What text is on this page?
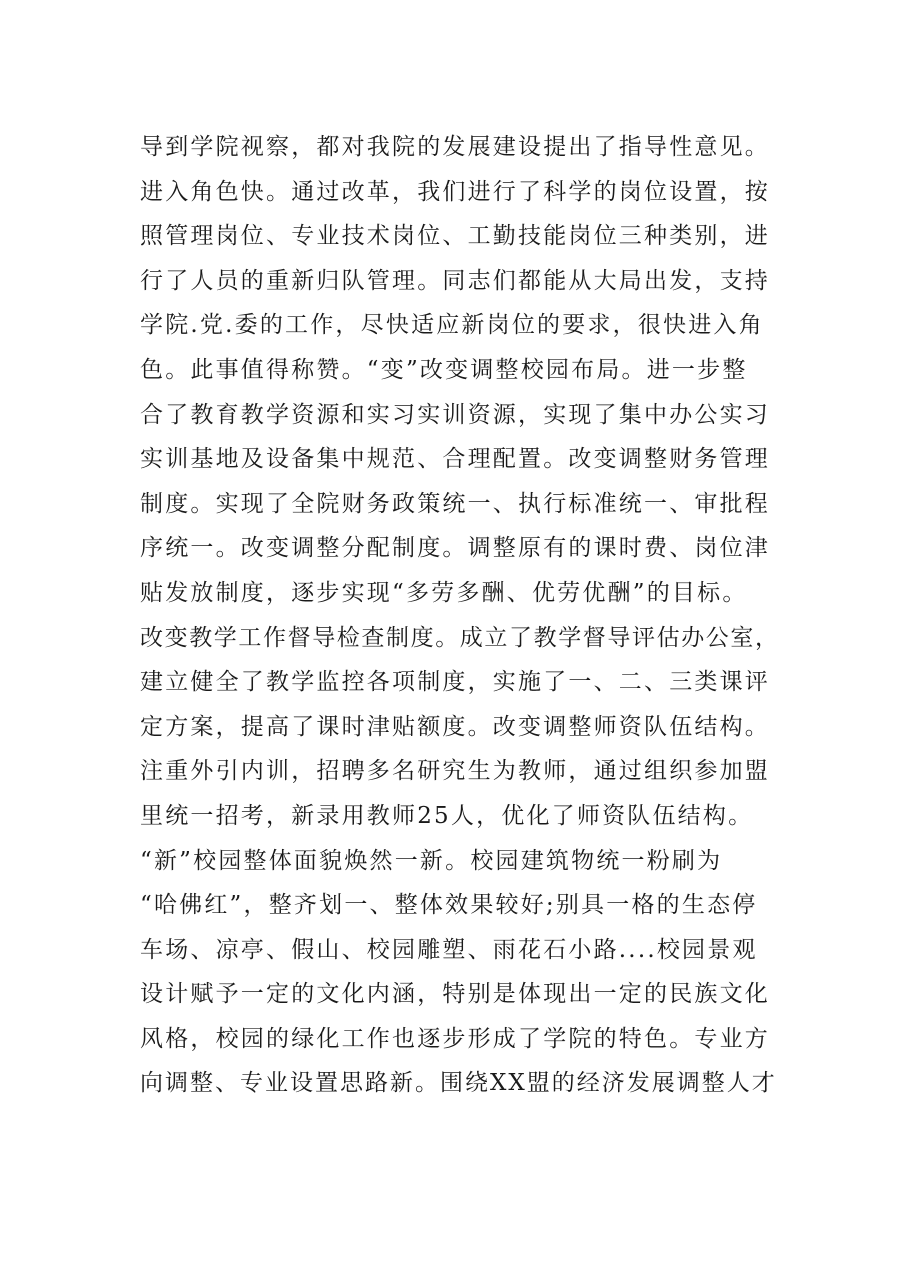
导到学院视察，都对我院的发展建设提出了指导性意见。
进入角色快。通过改革，我们进行了科学的岗位设置，按
照管理岗位、专业技术岗位、工勤技能岗位三种类别，进
行了人员的重新归队管理。同志们都能从大局出发，支持
学院.党.委的工作，尽快适应新岗位的要求，很快进入角
色。此事值得称赞。“变”改变调整校园布局。进一步整
合了教育教学资源和实习实训资源，实现了集中办公实习
实训基地及设备集中规范、合理配置。改变调整财务管理
制度。实现了全院财务政策统一、执行标准统一、审批程
序统一。改变调整分配制度。调整原有的课时费、岗位津
贴发放制度，逐步实现“多劳多酬、优劳优酬”的目标。
改变教学工作督导检查制度。成立了教学督导评估办公室，
建立健全了教学监控各项制度，实施了一、二、三类课评
定方案，提高了课时津贴额度。改变调整师资队伍结构。
注重外引内训，招聘多名研究生为教师，通过组织参加盟
里统一招考，新录用教师25人，优化了师资队伍结构。
“新”校园整体面貌焕然一新。校园建筑物统一粉刷为
“哈佛红”，整齐划一、整体效果较好;别具一格的生态停
车场、凉亭、假山、校园雕塑、雨花石小路....校园景观
设计赋予一定的文化内涵，特别是体现出一定的民族文化
风格，校园的绿化工作也逐步形成了学院的特色。专业方
向调整、专业设置思路新。围绕XX盟的经济发展调整人才
